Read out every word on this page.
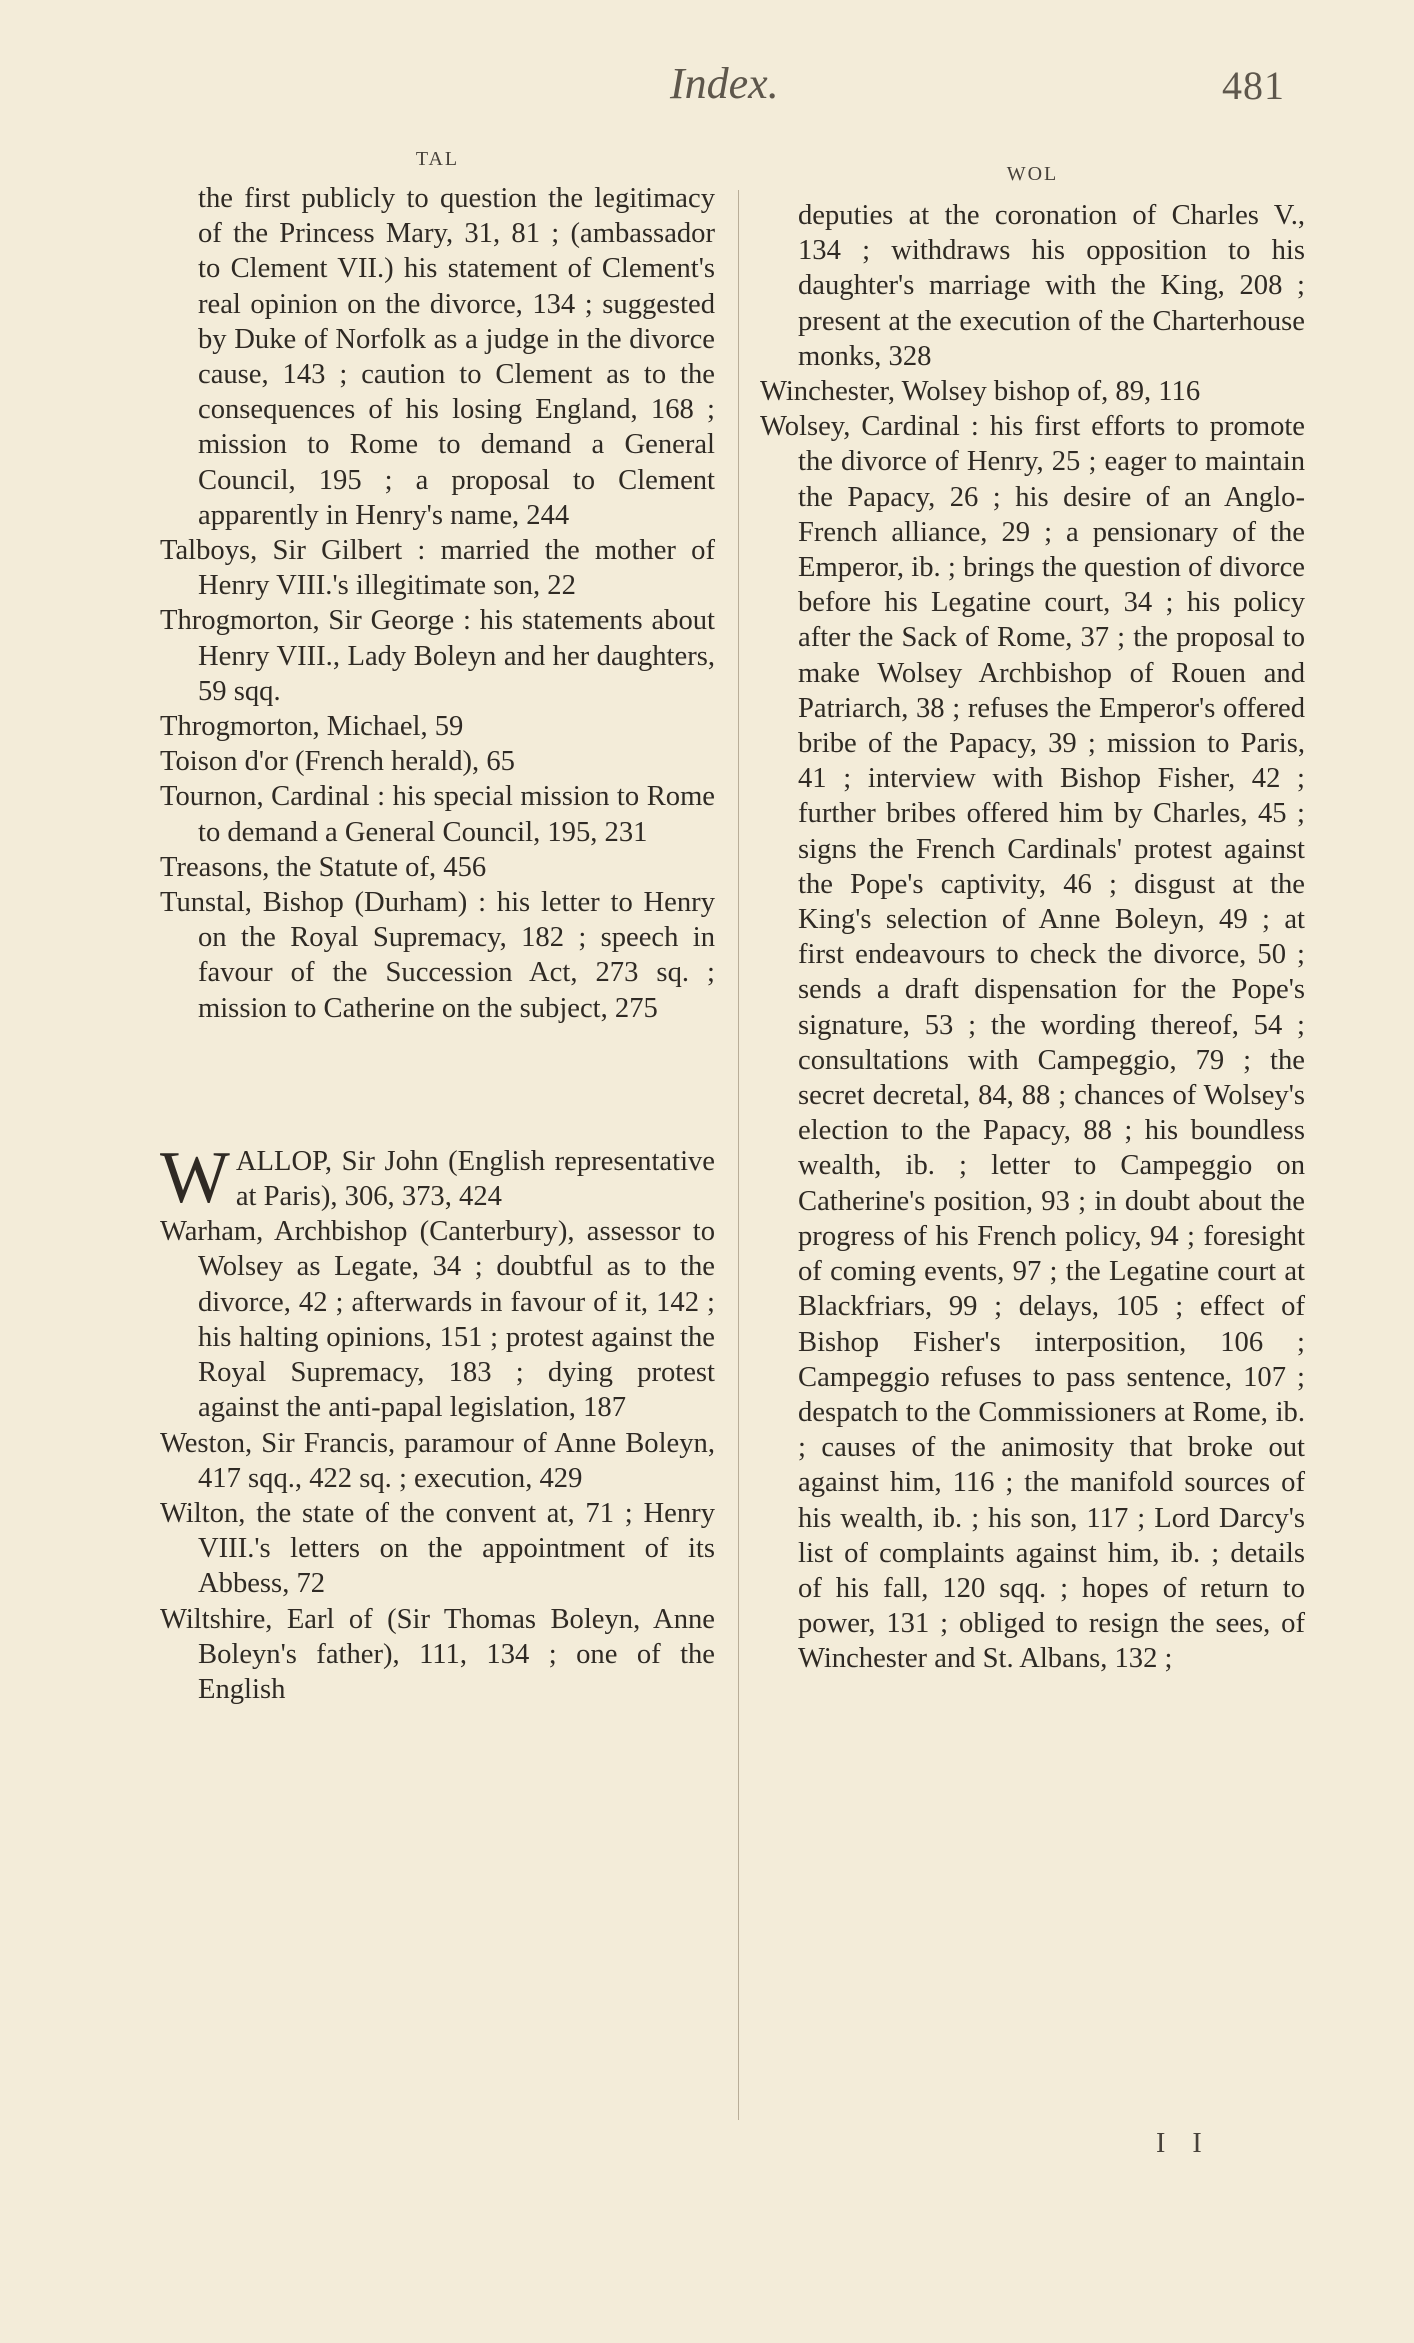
Index.	481
TAL

the first publicly to question the legitimacy of the Princess Mary, 31, 81 ; (ambassador to Clement VII.) his statement of Clement's real opinion on the divorce, 134 ; suggested by Duke of Norfolk as a judge in the divorce cause, 143 ; caution to Clement as to the consequences of his losing England, 168 ; mission to Rome to demand a General Council, 195 ; a proposal to Clement apparently in Henry's name, 244

Talboys, Sir Gilbert : married the mother of Henry VIII.'s illegitimate son, 22

Throgmorton, Sir George : his statements about Henry VIII., Lady Boleyn and her daughters, 59 sqq.

Throgmorton, Michael, 59

Toison d'or (French herald), 65

Tournon, Cardinal : his special mission to Rome to demand a General Council, 195, 231

Treasons, the Statute of, 456

Tunstal, Bishop (Durham) : his letter to Henry on the Royal Supremacy, 182 ; speech in favour of the Succession Act, 273 sq. ; mission to Catherine on the subject, 275

WALLOP, Sir John (English representative at Paris), 306, 373, 424

Warham, Archbishop (Canterbury), assessor to Wolsey as Legate, 34 ; doubtful as to the divorce, 42 ; afterwards in favour of it, 142 ; his halting opinions, 151 ; protest against the Royal Supremacy, 183 ; dying protest against the anti-papal legislation, 187

Weston, Sir Francis, paramour of Anne Boleyn, 417 sqq., 422 sq. ; execution, 429

Wilton, the state of the convent at, 71 ; Henry VIII.'s letters on the appointment of its Abbess, 72

Wiltshire, Earl of (Sir Thomas Boleyn, Anne Boleyn's father), 111, 134 ; one of the English

WOL

deputies at the coronation of Charles V., 134 ; withdraws his opposition to his daughter's marriage with the King, 208 ; present at the execution of the Charterhouse monks, 328

Winchester, Wolsey bishop of, 89, 116

Wolsey, Cardinal : his first efforts to promote the divorce of Henry, 25 ; eager to maintain the Papacy, 26 ; his desire of an Anglo-French alliance, 29 ; a pensionary of the Emperor, ib. ; brings the question of divorce before his Legatine court, 34 ; his policy after the Sack of Rome, 37 ; the proposal to make Wolsey Archbishop of Rouen and Patriarch, 38 ; refuses the Emperor's offered bribe of the Papacy, 39 ; mission to Paris, 41 ; interview with Bishop Fisher, 42 ; further bribes offered him by Charles, 45 ; signs the French Cardinals' protest against the Pope's captivity, 46 ; disgust at the King's selection of Anne Boleyn, 49 ; at first endeavours to check the divorce, 50 ; sends a draft dispensation for the Pope's signature, 53 ; the wording thereof, 54 ; consultations with Campeggio, 79 ; the secret decretal, 84, 88 ; chances of Wolsey's election to the Papacy, 88 ; his boundless wealth, ib. ; letter to Campeggio on Catherine's position, 93 ; in doubt about the progress of his French policy, 94 ; foresight of coming events, 97 ; the Legatine court at Blackfriars, 99 ; delays, 105 ; effect of Bishop Fisher's interposition, 106 ; Campeggio refuses to pass sentence, 107 ; despatch to the Commissioners at Rome, ib. ; causes of the animosity that broke out against him, 116 ; the manifold sources of his wealth, ib. ; his son, 117 ; Lord Darcy's list of complaints against him, ib. ; details of his fall, 120 sqq. ; hopes of return to power, 131 ; obliged to resign the sees, of Winchester and St. Albans, 132 ;

I I
